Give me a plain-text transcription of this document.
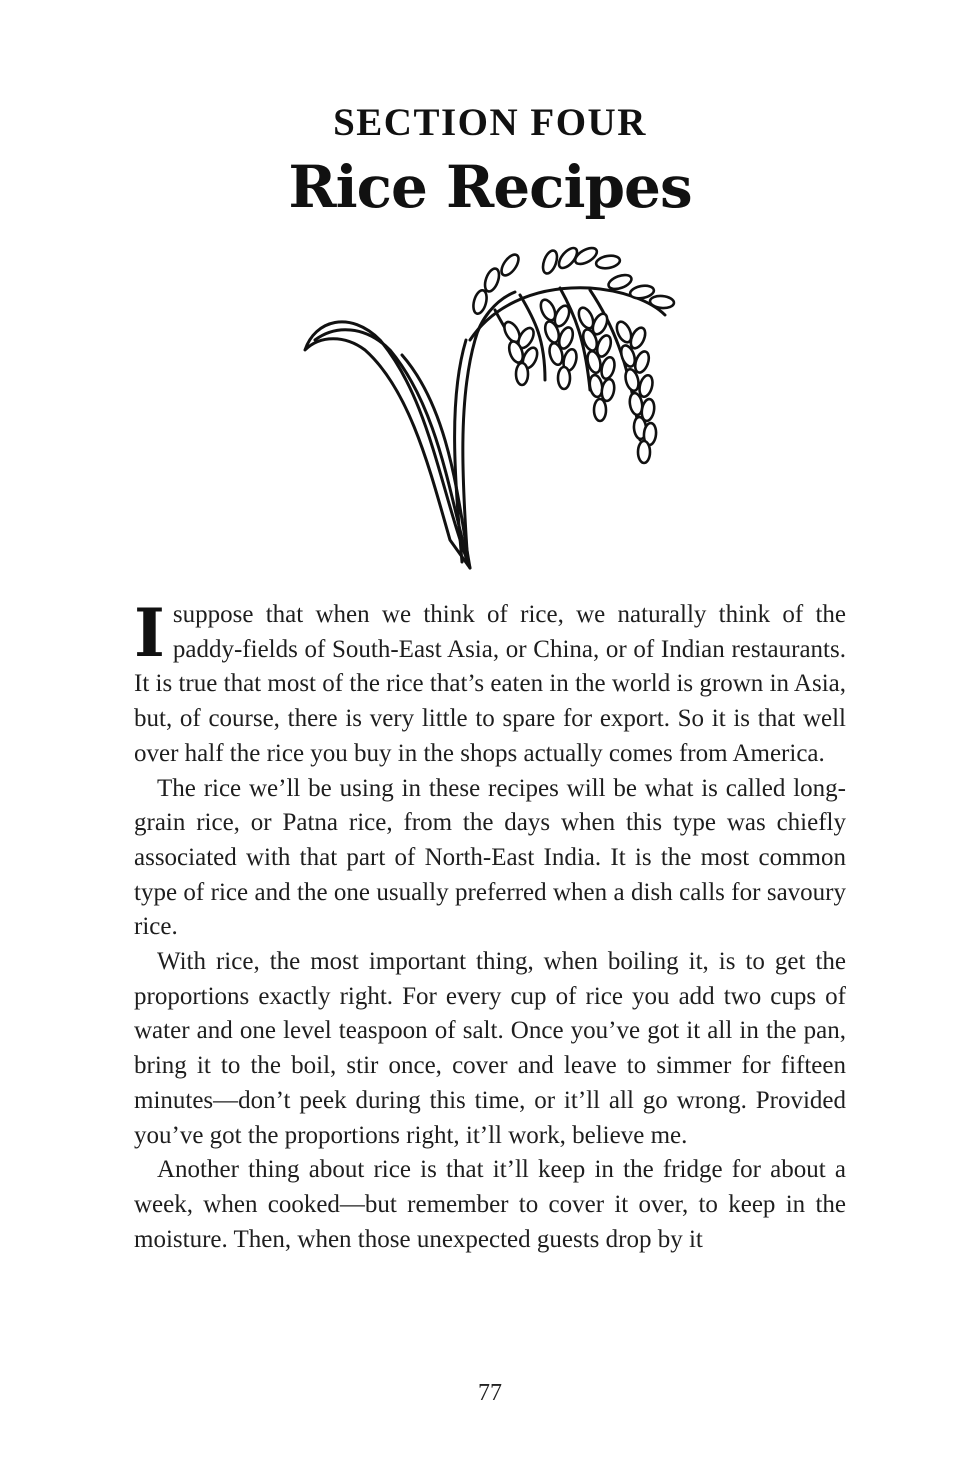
SECTION FOUR
Rice Recipes

I suppose that when we think of rice, we naturally think of the paddy-fields of South-East Asia, or China, or of Indian restaurants. It is true that most of the rice that’s eaten in the world is grown in Asia, but, of course, there is very little to spare for export. So it is that well over half the rice you buy in the shops actually comes from America.

The rice we’ll be using in these recipes will be what is called long-grain rice, or Patna rice, from the days when this type was chiefly associated with that part of North-East India. It is the most common type of rice and the one usually preferred when a dish calls for savoury rice.

With rice, the most important thing, when boiling it, is to get the proportions exactly right. For every cup of rice you add two cups of water and one level teaspoon of salt. Once you’ve got it all in the pan, bring it to the boil, stir once, cover and leave to simmer for fifteen minutes—don’t peek during this time, or it’ll all go wrong. Provided you’ve got the proportions right, it’ll work, believe me.

Another thing about rice is that it’ll keep in the fridge for about a week, when cooked—but remember to cover it over, to keep in the moisture. Then, when those unexpected guests drop by it

77
